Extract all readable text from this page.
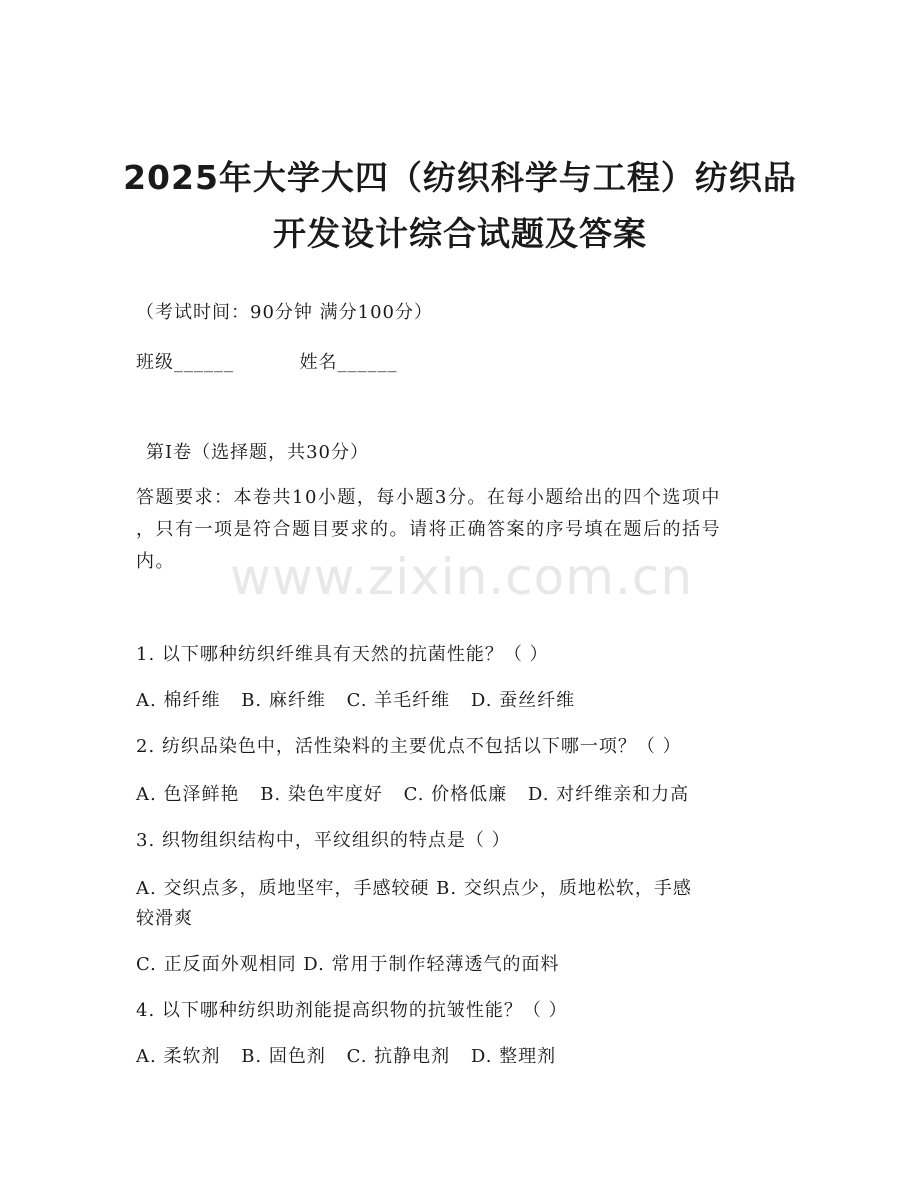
www.zixin.com.cn
2025年大学大四（纺织科学与工程）纺织品
开发设计综合试题及答案
（考试时间：90分钟 满分100分）
班级______	姓名______
第I卷（选择题，共30分）
答题要求：本卷共10小题，每小题3分。在每小题给出的四个选项中
，只有一项是符合题目要求的。请将正确答案的序号填在题后的括号
内。
1. 以下哪种纺织纤维具有天然的抗菌性能？（ ）
A. 棉纤维 B. 麻纤维 C. 羊毛纤维 D. 蚕丝纤维
2. 纺织品染色中，活性染料的主要优点不包括以下哪一项？（ ）
A. 色泽鲜艳 B. 染色牢度好 C. 价格低廉 D. 对纤维亲和力高
3. 织物组织结构中，平纹组织的特点是（ ）
A. 交织点多，质地坚牢，手感较硬 B. 交织点少，质地松软，手感
较滑爽
C. 正反面外观相同 D. 常用于制作轻薄透气的面料
4. 以下哪种纺织助剂能提高织物的抗皱性能？（ ）
A. 柔软剂 B. 固色剂 C. 抗静电剂 D. 整理剂
